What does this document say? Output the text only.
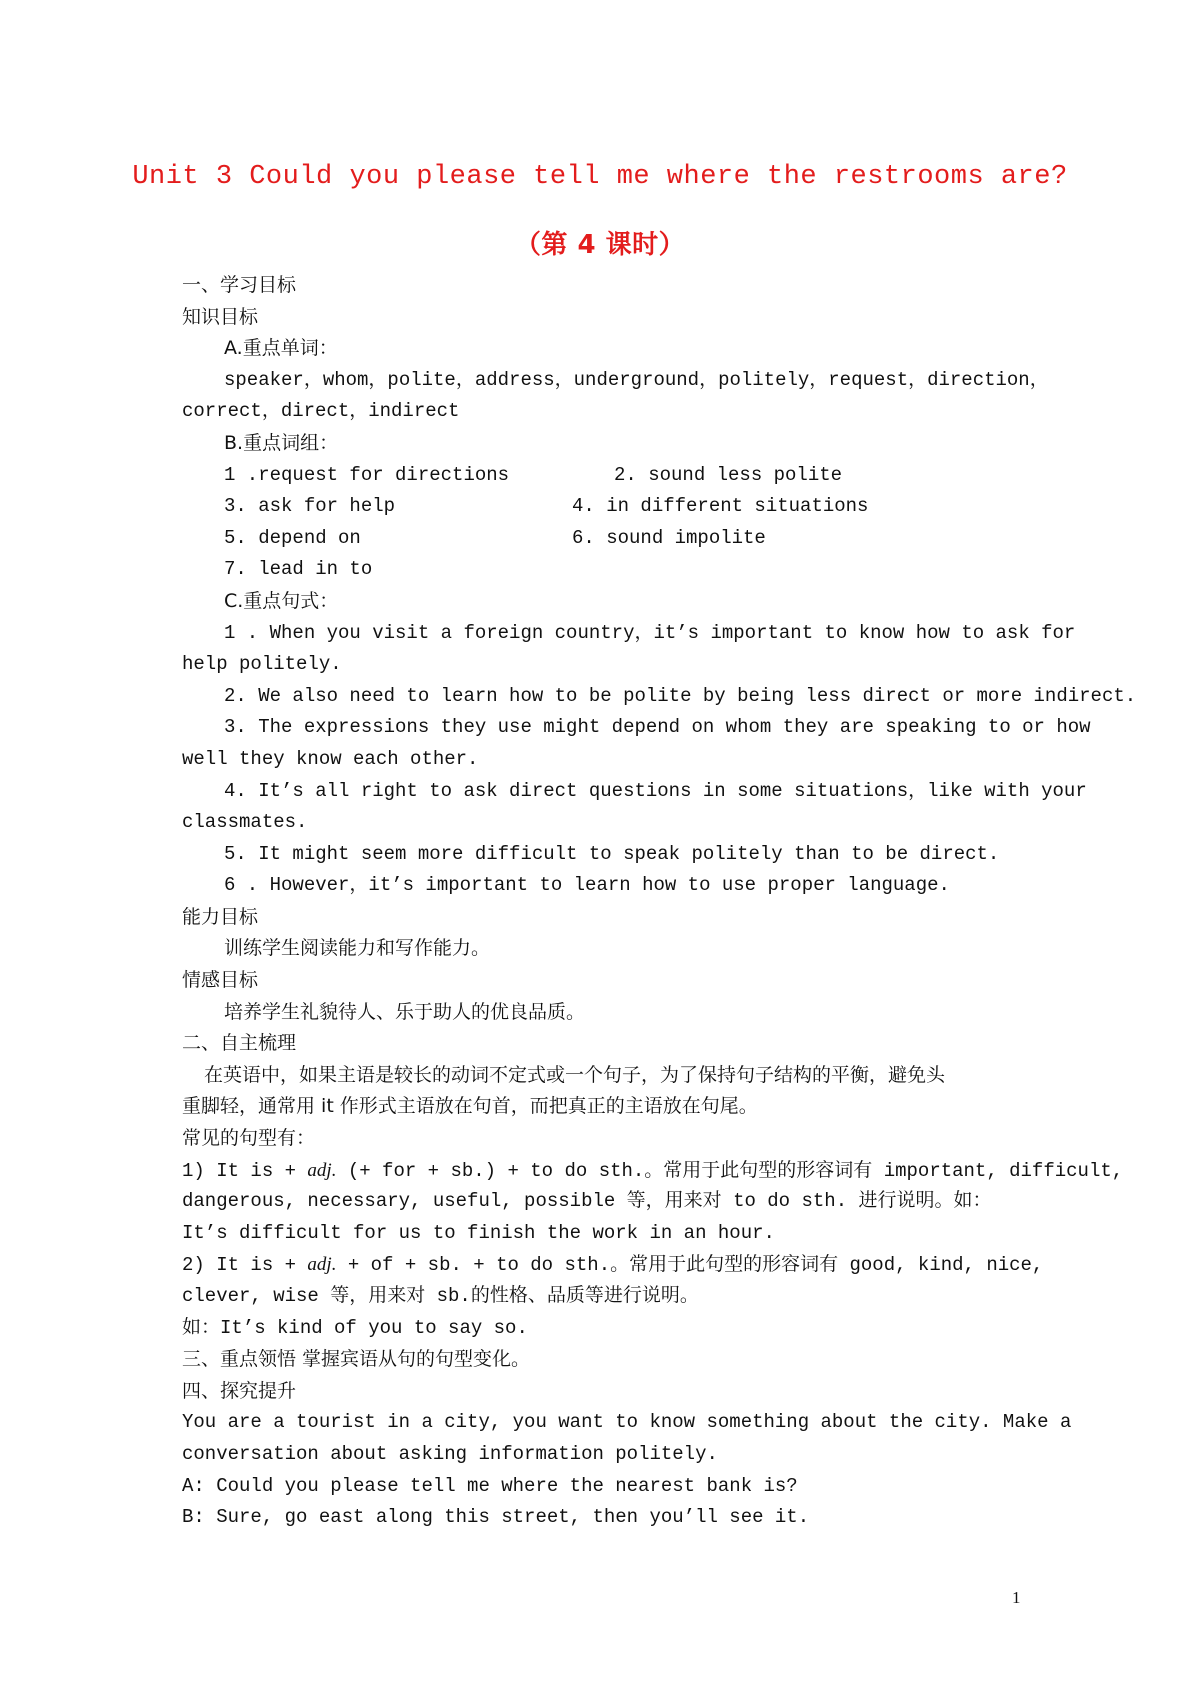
Unit 3 Could you please tell me where the restrooms are?
（第 4 课时）
一、学习目标
知识目标
A.重点单词：
speaker，whom，polite，address，underground，politely，request，direction，
correct，direct，indirect
B.重点词组：
1 .request for directions	2. sound less polite
3. ask for help	4. in different situations
5. depend on	6. sound impolite
7. lead in to
C.重点句式：
1 . When you visit a foreign country，it’s important to know how to ask for
help politely.
2. We also need to learn how to be polite by being less direct or more indirect.
3. The expressions they use might depend on whom they are speaking to or how
well they know each other.
4. It’s all right to ask direct questions in some situations，like with your
classmates.
5. It might seem more difficult to speak politely than to be direct.
6 . However，it’s important to learn how to use proper language.
能力目标
训练学生阅读能力和写作能力。
情感目标
培养学生礼貌待人、乐于助人的优良品质。
二、自主梳理
在英语中，如果主语是较长的动词不定式或一个句子，为了保持句子结构的平衡，避免头
重脚轻，通常用 it 作形式主语放在句首，而把真正的主语放在句尾。
常见的句型有：
1) It is + adj. (+ for + sb.) + to do sth.。常用于此句型的形容词有 important, difficult,
dangerous, necessary, useful, possible 等，用来对 to do sth. 进行说明。如：
It’s difficult for us to finish the work in an hour.
2) It is + adj. + of + sb. + to do sth.。常用于此句型的形容词有 good, kind, nice,
clever, wise 等，用来对 sb.的性格、品质等进行说明。
如：It’s kind of you to say so.
三、重点领悟 掌握宾语从句的句型变化。
四、探究提升
You are a tourist in a city, you want to know something about the city. Make a
conversation about asking information politely.
A: Could you please tell me where the nearest bank is?
B: Sure, go east along this street, then you’ll see it.
1
